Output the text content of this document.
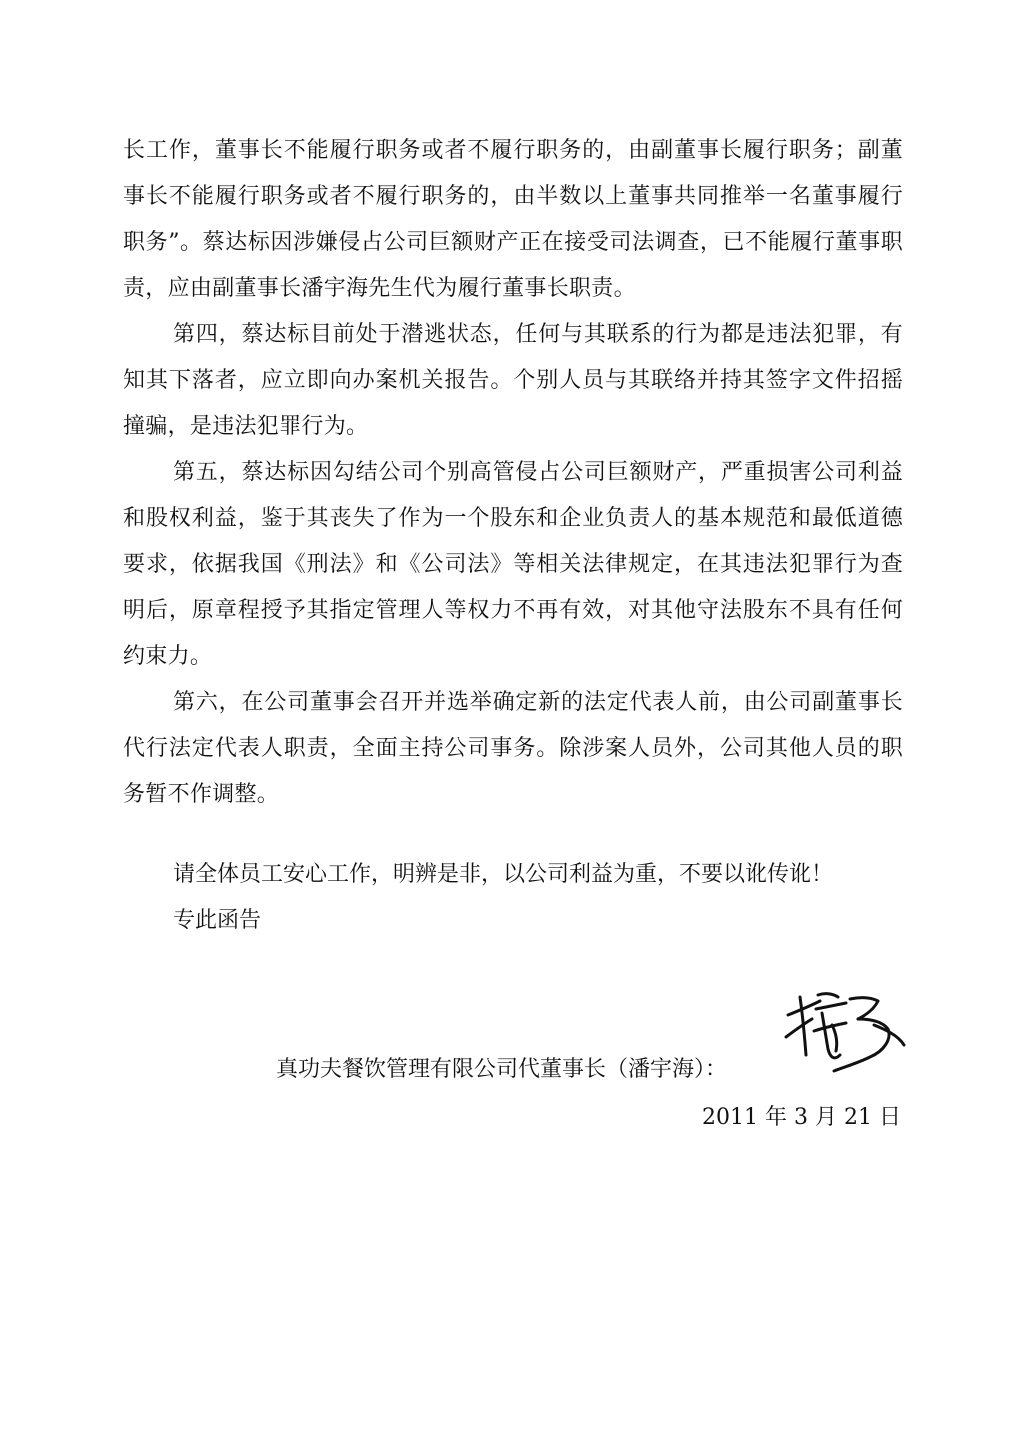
长工作，董事长不能履行职务或者不履行职务的，由副董事长履行职务；副董事长不能履行职务或者不履行职务的，由半数以上董事共同推举一名董事履行职务”。蔡达标因涉嫌侵占公司巨额财产正在接受司法调查，已不能履行董事职责，应由副董事长潘宇海先生代为履行董事长职责。

第四，蔡达标目前处于潜逃状态，任何与其联系的行为都是违法犯罪，有知其下落者，应立即向办案机关报告。个别人员与其联络并持其签字文件招摇撞骗，是违法犯罪行为。

第五，蔡达标因勾结公司个别高管侵占公司巨额财产，严重损害公司利益和股权利益，鉴于其丧失了作为一个股东和企业负责人的基本规范和最低道德要求，依据我国《刑法》和《公司法》等相关法律规定，在其违法犯罪行为查明后，原章程授予其指定管理人等权力不再有效，对其他守法股东不具有任何约束力。

第六，在公司董事会召开并选举确定新的法定代表人前，由公司副董事长代行法定代表人职责，全面主持公司事务。除涉案人员外，公司其他人员的职务暂不作调整。

请全体员工安心工作，明辨是非，以公司利益为重，不要以讹传讹！
专此函告
真功夫餐饮管理有限公司代董事长（潘宇海）：
2011 年 3 月 21 日
